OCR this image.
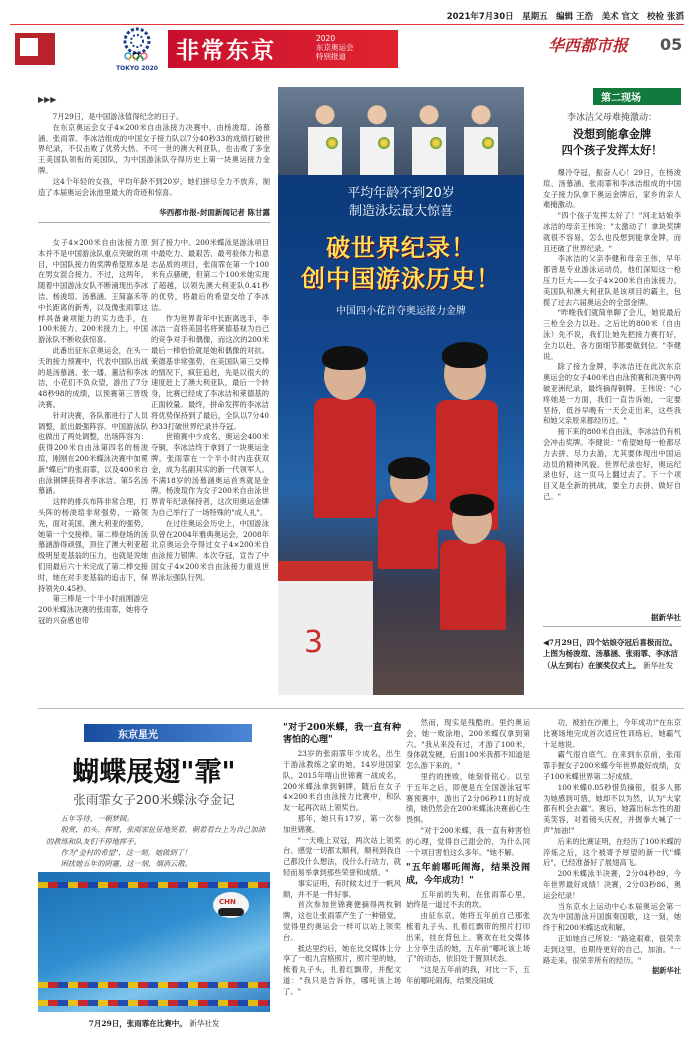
2021年7月30日　星期五　编辑 王浩　美术 官文　校检 张滔
TOKYO 2020
非常东京	2020
东京奥运会
特别报道
华西都市报 05
▶▶▶

7月29日，是中国游泳值得纪念的日子。

在东京奥运会女子4×200米自由泳接力决赛中，由杨浚瑄、汤慕涵、张雨霏、李冰洁组成的中国女子接力队以7分40秒33的成绩打破世界纪录，不仅击败了优势大热、不可一世的澳大利亚队，也击败了多金王美国队领衔的美国队，为中国游泳队夺得历史上第一块奥运接力金牌。

这4个年轻的女孩，平均年龄不到20岁，她们拼尽全力不放弃，制造了本届奥运会泳池里最大的奇迹和惊喜。

华西都市报-封面新闻记者 陈甘露

女子4×200米自由泳接力原本并不是中国游泳队重点突破的项目，中国队接力的奖牌希望原本是在男女混合接力。不过，这两年，随着中国游泳女队不断涌现出李冰洁、杨浚瑄、汤慕涵、王简嘉禾等中长距离的新秀，以及像张雨霏这样具备兼项能力的实力选手，在100米接力、200米接力上，中国游泳队不断收获惊喜。

此番出征东京奥运会，在头一天的接力预赛中，代表中国队出战的是汤慕涵、张一璠、董洁和李冰洁，小花们不负众望，游出了7分48秒98的成绩，以预赛第三晋级决赛。

针对决赛，各队都进行了人员调整，派出最强阵容。中国游泳队也做出了两处调整，出场阵容为：获得200米自由泳第四名的杨浚瑄，刚刚在200米蝶泳决赛中加冕新"蝶后"的张雨霏，以及400米自由泳铜牌获得者李冰洁、第5名汤慕涵。

这样的排兵布阵非常合理，打头阵的杨浚瑄非常强势，一路领先，面对美国、澳大利亚的强势，她第一个交接棒。第二棒登场的汤慕涵游得顽强，顶住了澳大利亚超级明星麦基翁的压力，也就是说她们用最后六十米完成了第二棒交接时，她在对手麦基翁的追击下，保持领先0.45秒。

第三棒是一个半小时前刚游完200米蝶泳决赛的张雨霏，她将夺冠的兴奋感也带

到了接力中。200米蝶泳是游泳项目中最吃力、最艰苦、最考验体力和意志品质的项目，张雨霏在第一个100米有点骚硬，但第二个100米她实现了超越，以领先澳大利亚队0.41秒的优势，将最后的希望交给了李冰洁。

作为世界青年中长距离选手，李冰洁一直将美国名将莱德基视为自己的竞争对手和偶像，而这次的200米最后一棒恰恰就是她和偶像的对抗。莱德基非常强势，在美国队第三交棒的情况下，疯狂追赶，先是以很大的速度赶上了澳大利亚队，最后一个转身，比赛已经成了李冰洁和莱德基的正面较量。最终，拼命发挥的李冰洁将优势保持到了最后，全队以7分40秒33打破世界纪录并夺冠。

世锦赛中少成名、奥运会400米夺铜，李冰洁终于拿到了一块奥运金牌。张雨霏在一个半小时内连获双金，成为名副其实的新一代领军人。不满18岁的汤慕涵奥运首秀就是金牌。杨浚瑄作为女子200米自由泳世界青年纪录保持者，这次用奥运金牌为自己举行了一场特殊的"成人礼"。

在过往奥运会历史上，中国游泳队曾在2004年雅典奥运会，2008年北京奥运会夺得过女子4×200米自由泳接力银牌。本次夺冠，宣告了中国女子4×200米自由泳接力重返世界泳坛强队行列。

平均年龄不到20岁
制造泳坛最大惊喜
破世界纪录！
创中国游泳历史！
中国四小花首夺奥运接力金牌
3
第二现场
李冰洁父母难掩激动：
没想到能拿金牌
四个孩子发挥太好！

爆冷夺冠，振奋人心！29日，在杨浚瑄、汤慕涵、张雨霏和李冰洁组成的中国女子接力队拿下奥运金牌后，家乡的亲人难掩激动。

"四个孩子发挥太好了！"河北姑娘李冰洁的母亲王伟说："太激动了！拿块奖牌就很不容易，怎么也没想到能拿金牌，而且还破了世界纪录。"

李冰洁的父亲李健和母亲王伟，早年都曾是专业游泳运动员，他们深知这一枪压力巨大——女子4×200米自由泳接力，美国队和澳大利亚队是该项目的霸主，包揽了过去六届奥运会的全部金牌。

"昨晚我们就简单聊了会儿，她说最后三枪全会力以赴。之后比的800米（自由泳）先不说，我们让她先把接力赛打好，全力以赴，各方面细节都要做到位。"李健说。

除了接力金牌，李冰洁还在此次东京奥运会的女子400米自由泳预赛和决赛中两破亚洲纪录，最终摘得铜牌。王伟说："心疼她是一方面，我们一直告诉她，一定要坚持，低谷早晚有一天会走出来，这些我和她父亲原来都经历过。"

接下来的800米自由泳，李冰洁仍有机会冲击奖牌。李健说："希望她每一枪都尽力去拼、尽力去游，尤其要体现出中国运动员的精神风貌。世界纪录也好，奥运纪录也好，这一页马上翻过去了。下一个项目又是全新的挑战，要全力去拼、做好自己。"

据新华社
◀7月29日，四个姑娘夺冠后喜极而泣。上图为杨浚瑄、汤慕涵、张雨霏、李冰洁（从左到右）在颁奖仪式上。 新华社发
东京星光
蝴蝶展翅"霏"
张雨霏女子200米蝶泳夺金记

五年等待，一朝梦圆。

般赏、拍头、挥臂，张雨霏扯征地笑着，朝着看台上为自己加油的教练和队友们不停地挥手。

作为"金村的希望"，这一刻，她做到了！

困扰她五年的阴霾，这一刻，烟消云散。

CHN
7月29日，张雨霏在比赛中。 新华社发

"对于200米蝶，我一直有种害怕的心理"

23岁的张雨霏年少成名，出生于游泳教练之家的她，14岁进国家队，2015年喀山世锦赛一战成名，200米蝶泳拿到铜牌，随后在女子4×200米自由泳接力比赛中，和队友一起再次站上领奖台。

那年，她只有17岁，第一次参加世锦赛。

"一天晚上双冠，两次站上领奖台。感觉一切都太顺利，顺利到我自己都没什么想法，没什么行动力，就轻而易举拿到那些荣誉和成绩。"

事实证明，有时候太过于一帆风顺，并不是一件好事。

首次参加世锦赛便摘得两枚铜牌，这也让张雨霏产生了一种错觉，觉得里约奥运会一样可以站上领奖台。

抵达里约后，她在比交媒体上分享了一组九宫格照片，照片里的她，梳着丸子头，扎着红飘带，并配文道："我只是告诉你，哪吒该上场了。"

然而，现实是残酷的。里约奥运会，她一败涂地，200米蝶仅拿到第六。"我从来没有过，才游了100米，身体就发硬，后面100米我都不知道是怎么游下来的。"

里约的挫败，她刻骨铭心。以至于五年之后，即便是在全国游泳冠军赛预赛中，游出了2分06秒11的好成绩，她仍然会在200米蝶泳决赛前心生畏惧。

"对于200米蝶，我一直有种害怕的心理，觉得自己甜会的，为什么同一个项目害怕这么多年。"她不解。

"五年前哪吒闹海，结果没闹成，今年成功！"

五年前的失利，在张雨霏心里，始终是一道过不去的坎。

由征东京，她将五年前自己那张梳着丸子头、扎着红飘带的照片打印出来，挂在背包上。赛欢在社交媒体上分享生活的她，五年前"哪吒该上场了"的动态，依旧处于置顶状态。

"这是五年前的我，对比一下，五年前哪吒闹海，结果没闹成

功，被拍在沙滩上，今年成功!"在东京比赛场地完成首次适应性训练后，她霸气十足地说。

霸气很自底气。在来到东京前，张雨霏手握女子200米蝶今年世界最好成绩，女子100米蝶世界第二好成绩。

100米蝶0.05秒惜负摘银，很多人都为她感到可惜，她却不以为然，认为"大家都有机会去赢"。赛后，她露出标志性的甜美笑容，对着镜头庆祝，并握拳大喊了一声"加油!"

后来的比赛证明，在经历了100米蝶的淬炼之后，这个被寄予厚望的新一代"蝶后"，已经准备好了展翅高飞。

200米蝶泳半决赛，2分04秒89，今年世界最好成绩！决赛，2分03秒86，奥运会纪录！

当东京水上运动中心本届奥运会第一次为中国游泳升国旗奏国歌，这一刻，她终于和200米蝶达成和解。

正如她自己所说："路途艰难，很荣幸走到这里，也期待更好的自己，加油。"一路走来，很荣幸所有的经历。"

据新华社
